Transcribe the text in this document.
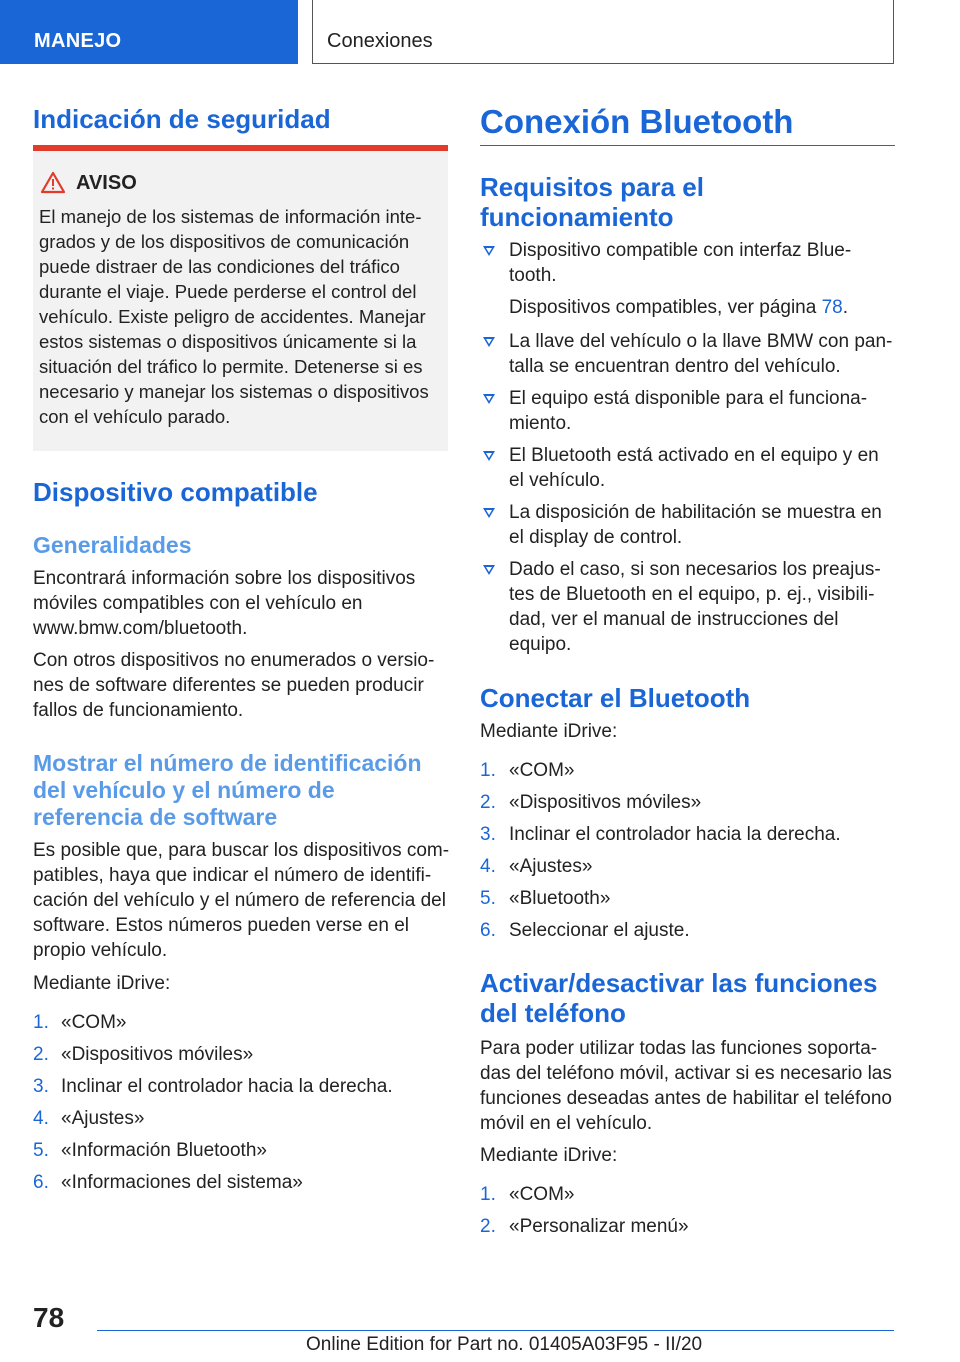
MANEJO	Conexiones
Indicación de seguridad
AVISO
El manejo de los sistemas de información inte-
grados y de los dispositivos de comunicación
puede distraer de las condiciones del tráfico
durante el viaje. Puede perderse el control del
vehículo. Existe peligro de accidentes. Manejar
estos sistemas o dispositivos únicamente si la
situación del tráfico lo permite. Detenerse si es
necesario y manejar los sistemas o dispositivos
con el vehículo parado.
Dispositivo compatible
Generalidades
Encontrará información sobre los dispositivos
móviles compatibles con el vehículo en
www.bmw.com/bluetooth.
Con otros dispositivos no enumerados o versio-
nes de software diferentes se pueden producir
fallos de funcionamiento.
Mostrar el número de identificación
del vehículo y el número de
referencia de software
Es posible que, para buscar los dispositivos com-
patibles, haya que indicar el número de identifi-
cación del vehículo y el número de referencia del
software. Estos números pueden verse en el
propio vehículo.
Mediante iDrive:
1. «COM»
2. «Dispositivos móviles»
3. Inclinar el controlador hacia la derecha.
4. «Ajustes»
5. «Información Bluetooth»
6. «Informaciones del sistema»
Conexión Bluetooth
Requisitos para el
funcionamiento
Dispositivo compatible con interfaz Blue-
tooth.
Dispositivos compatibles, ver página 78.
La llave del vehículo o la llave BMW con pan-
talla se encuentran dentro del vehículo.
El equipo está disponible para el funciona-
miento.
El Bluetooth está activado en el equipo y en
el vehículo.
La disposición de habilitación se muestra en
el display de control.
Dado el caso, si son necesarios los preajus-
tes de Bluetooth en el equipo, p. ej., visibili-
dad, ver el manual de instrucciones del
equipo.
Conectar el Bluetooth
Mediante iDrive:
1. «COM»
2. «Dispositivos móviles»
3. Inclinar el controlador hacia la derecha.
4. «Ajustes»
5. «Bluetooth»
6. Seleccionar el ajuste.
Activar/desactivar las funciones
del teléfono
Para poder utilizar todas las funciones soporta-
das del teléfono móvil, activar si es necesario las
funciones deseadas antes de habilitar el teléfono
móvil en el vehículo.
Mediante iDrive:
1. «COM»
2. «Personalizar menú»
78
Online Edition for Part no. 01405A03F95 - II/20
